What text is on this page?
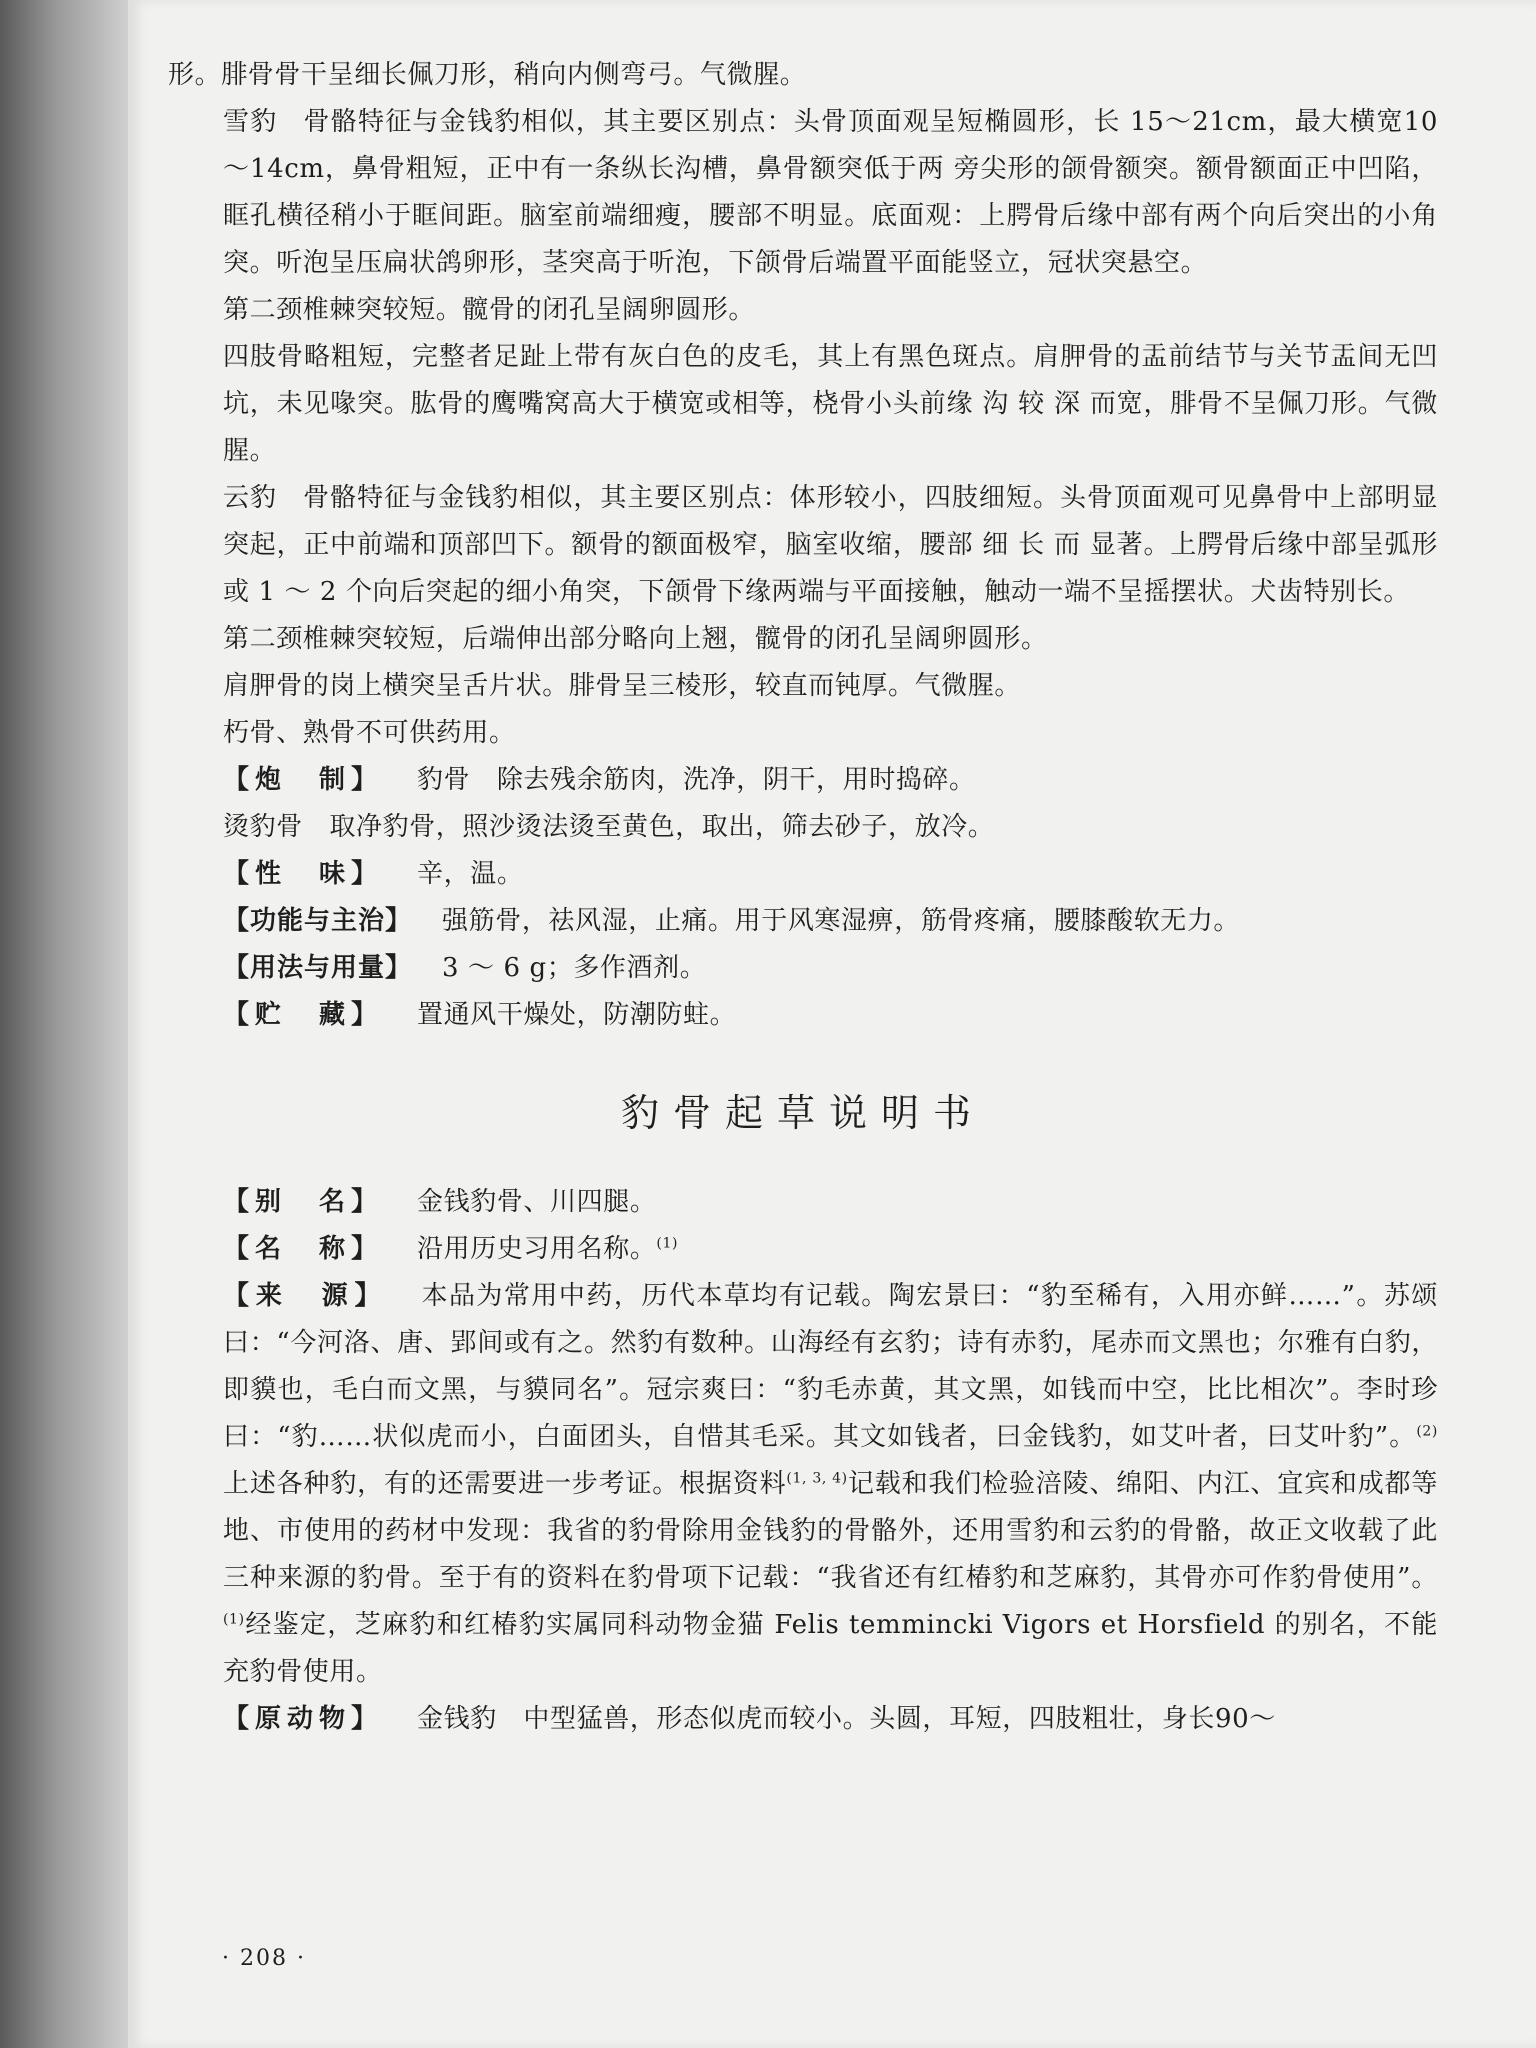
形。腓骨骨干呈细长佩刀形，稍向内侧弯弓。气微腥。

雪豹 骨骼特征与金钱豹相似，其主要区别点：头骨顶面观呈短椭圆形，长 15～21cm，最大横宽10～14cm，鼻骨粗短，正中有一条纵长沟槽，鼻骨额突低于两 旁尖形的颌骨额突。额骨额面正中凹陷，眶孔横径稍小于眶间距。脑室前端细瘦，腰部不明显。底面观：上腭骨后缘中部有两个向后突出的小角突。听泡呈压扁状鸽卵形，茎突高于听泡，下颌骨后端置平面能竖立，冠状突悬空。

第二颈椎棘突较短。髋骨的闭孔呈阔卵圆形。

四肢骨略粗短，完整者足趾上带有灰白色的皮毛，其上有黑色斑点。肩胛骨的盂前结节与关节盂间无凹坑，未见喙突。肱骨的鹰嘴窝高大于横宽或相等，桡骨小头前缘 沟 较 深 而宽，腓骨不呈佩刀形。气微腥。

云豹 骨骼特征与金钱豹相似，其主要区别点：体形较小，四肢细短。头骨顶面观可见鼻骨中上部明显突起，正中前端和顶部凹下。额骨的额面极窄，脑室收缩，腰部 细 长 而 显著。上腭骨后缘中部呈弧形或 1 ～ 2 个向后突起的细小角突，下颌骨下缘两端与平面接触，触动一端不呈摇摆状。犬齿特别长。

第二颈椎棘突较短，后端伸出部分略向上翘，髋骨的闭孔呈阔卵圆形。

肩胛骨的岗上横突呈舌片状。腓骨呈三棱形，较直而钝厚。气微腥。

朽骨、熟骨不可供药用。

【炮　制】 豹骨　除去残余筋肉，洗净，阴干，用时捣碎。

烫豹骨　取净豹骨，照沙烫法烫至黄色，取出，筛去砂子，放冷。

【性　味】 辛，温。

【功能与主治】 强筋骨，祛风湿，止痛。用于风寒湿痹，筋骨疼痛，腰膝酸软无力。

【用法与用量】 3 ～ 6 g；多作酒剂。

【贮　藏】 置通风干燥处，防潮防蛀。

豹骨起草说明书

【别　名】 金钱豹骨、川四腿。

【名　称】 沿用历史习用名称。$^{(1)}$

【来　源】 本品为常用中药，历代本草均有记载。陶宏景曰：“豹至稀有，入用亦鲜……”。苏颂曰：“今河洛、唐、郢间或有之。然豹有数种。山海经有玄豹；诗有赤豹，尾赤而文黑也；尔雅有白豹，即貘也，毛白而文黑，与貘同名”。冠宗爽曰：“豹毛赤黄，其文黑，如钱而中空，比比相次”。李时珍曰：“豹……状似虎而小，白面团头，自惜其毛采。其文如钱者，曰金钱豹，如艾叶者，曰艾叶豹”。$^{(2)}$上述各种豹，有的还需要进一步考证。根据资料$^{(1, 3, 4)}$记载和我们检验涪陵、绵阳、内江、宜宾和成都等地、市使用的药材中发现：我省的豹骨除用金钱豹的骨骼外，还用雪豹和云豹的骨骼，故正文收载了此三种来源的豹骨。至于有的资料在豹骨项下记载：“我省还有红椿豹和芝麻豹，其骨亦可作豹骨使用”。$^{(1)}$经鉴定，芝麻豹和红椿豹实属同科动物金猫 Felis temmincki Vigors et Horsfield 的别名，不能充豹骨使用。

【原动物】 金钱豹　中型猛兽，形态似虎而较小。头圆，耳短，四肢粗壮，身长90～

· 208 ·
